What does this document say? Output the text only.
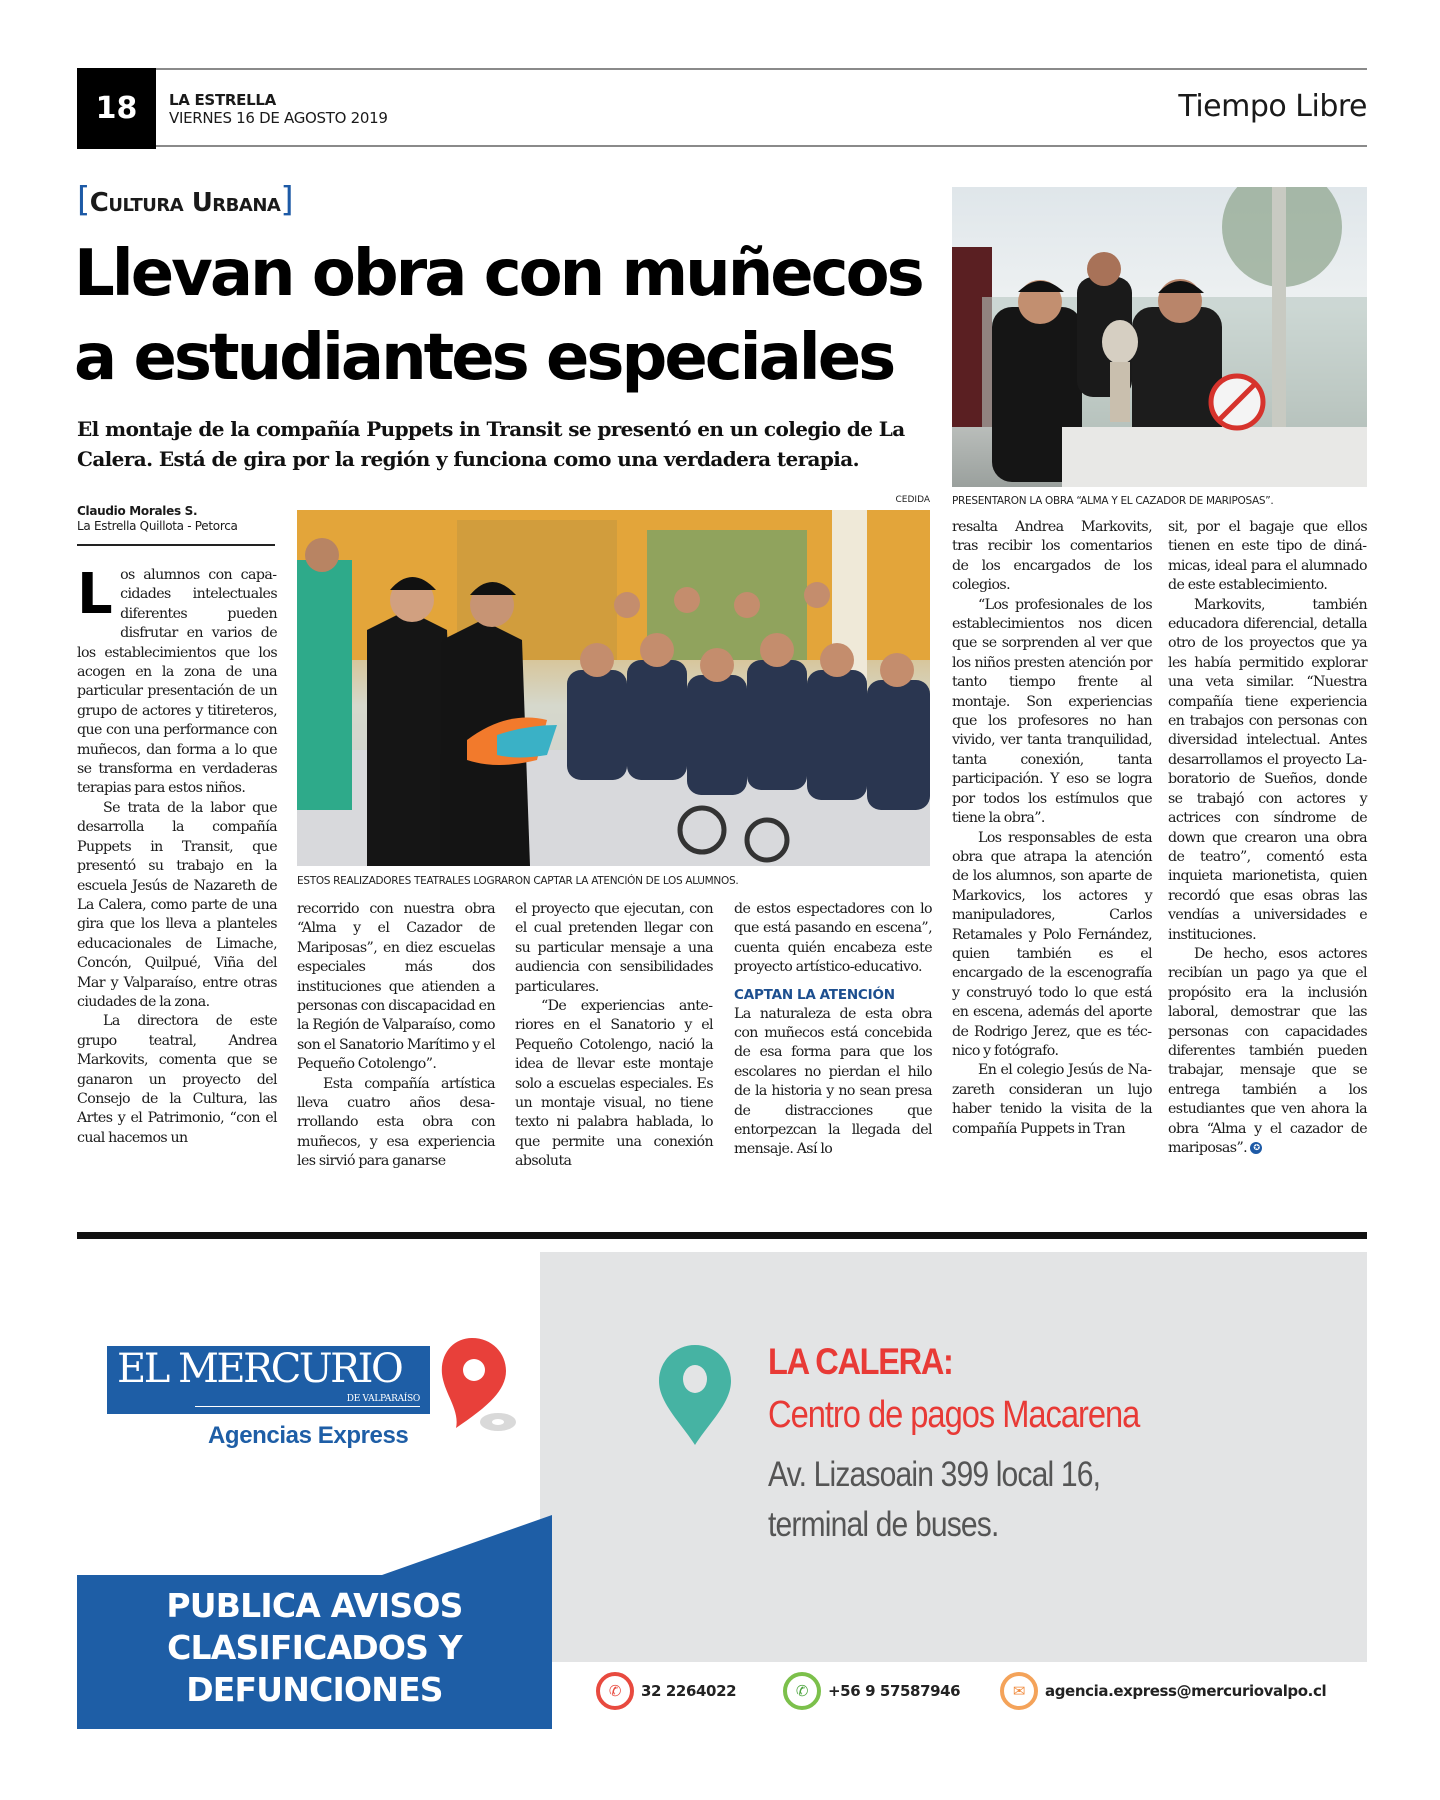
18	LA ESTRELLA
VIERNES 16 DE AGOSTO 2019	Tiempo Libre
[Cultura Urbana]
Llevan obra con muñecos
a estudiantes especiales
El montaje de la compañía Puppets in Transit se presentó en un colegio de La Calera. Está de gira por la región y funciona como una verdadera terapia.
PRESENTARON LA OBRA “ALMA Y EL CAZADOR DE MARIPOSAS”.
CEDIDA
ESTOS REALIZADORES TEATRALES LOGRARON CAPTAR LA ATENCIÓN DE LOS ALUMNOS.
Claudio Morales S.
La Estrella Quillota - Petorca

Los alumnos con capacidades intelectuales diferentes pueden disfrutar en varios de los establecimientos que los acogen en la zona de una particular presentación de un grupo de actores y titireteros, que con una performance con muñecos, dan forma a lo que se transforma en verdaderas terapias para estos niños.

Se trata de la labor que desarrolla la compañía Puppets in Transit, que presentó su trabajo en la escuela Jesús de Nazareth de La Calera, como parte de una gira que los lleva a planteles educacionales de Limache, Concón, Quilpué, Viña del Mar y Valparaíso, entre otras ciudades de la zona.

La directora de este grupo teatral, Andrea Markovits, comenta que se ganaron un proyecto del Consejo de la Cultura, las Artes y el Patrimonio, “con el cual hacemos un

recorrido con nuestra obra “Alma y el Cazador de Mariposas”, en diez escuelas especiales más dos instituciones que atienden a personas con discapacidad en la Región de Valparaíso, como son el Sanatorio Marítimo y el Pequeño Cotolengo”.

Esta compañía artística lleva cuatro años desarrollando esta obra con muñecos, y esa experiencia les sirvió para ganarse

el proyecto que ejecutan, con el cual pretenden llegar con su particular mensaje a una audiencia con sensibilidades particulares.

“De experiencias anteriores en el Sanatorio y el Pequeño Cotolengo, nació la idea de llevar este montaje solo a escuelas especiales. Es un montaje visual, no tiene texto ni palabra hablada, lo que permite una conexión absoluta

de estos espectadores con lo que está pasando en escena”, cuenta quién encabeza este proyecto artístico-educativo.

CAPTAN LA ATENCIÓN

La naturaleza de esta obra con muñecos está concebida de esa forma para que los escolares no pierdan el hilo de la historia y no sean presa de distracciones que entorpezcan la llegada del mensaje. Así lo

resalta Andrea Markovits, tras recibir los comentarios de los encargados de los colegios.

“Los profesionales de los establecimientos nos dicen que se sorprenden al ver que los niños presten atención por tanto tiempo frente al montaje. Son experiencias que los profesores no han vivido, ver tanta tranquilidad, tanta conexión, tanta participación. Y eso se logra por todos los estímulos que tiene la obra”.

Los responsables de esta obra que atrapa la atención de los alumnos, son aparte de Markovics, los actores y manipuladores, Carlos Retamales y Polo Fernández, quien también es el encargado de la escenografía y construyó todo lo que está en escena, además del aporte de Rodrigo Jerez, que es técnico y fotógrafo.

En el colegio Jesús de Nazareth consideran un lujo haber tenido la visita de la compañía Puppets in Tran

sit, por el bagaje que ellos tienen en este tipo de dinámicas, ideal para el alumnado de este establecimiento.

Markovits, también educadora diferencial, detalla otro de los proyectos que ya les había permitido explorar una veta similar. “Nuestra compañía tiene experiencia en trabajos con personas con diversidad intelectual. Antes desarrollamos el proyecto Laboratorio de Sueños, donde se trabajó con actores y actrices con síndrome de down que crearon una obra de teatro”, comentó esta inquieta marionetista, quien recordó que esas obras las vendías a universidades e instituciones.

De hecho, esos actores recibían un pago ya que el propósito era la inclusión laboral, demostrar que las personas con capacidades diferentes también pueden trabajar, mensaje que se entrega también a los estudiantes que ven ahora la obra “Alma y el cazador de mariposas”. ✪

EL MERCURIO
DE VALPARAÍSO
Agencias Express
LA CALERA:
Centro de pagos Macarena
Av. Lizasoain 399 local 16,
terminal de buses.
PUBLICA AVISOS
CLASIFICADOS Y
DEFUNCIONES	✆	32 2264022	✆	+56 9 57587946	✉	agencia.express@mercuriovalpo.cl
